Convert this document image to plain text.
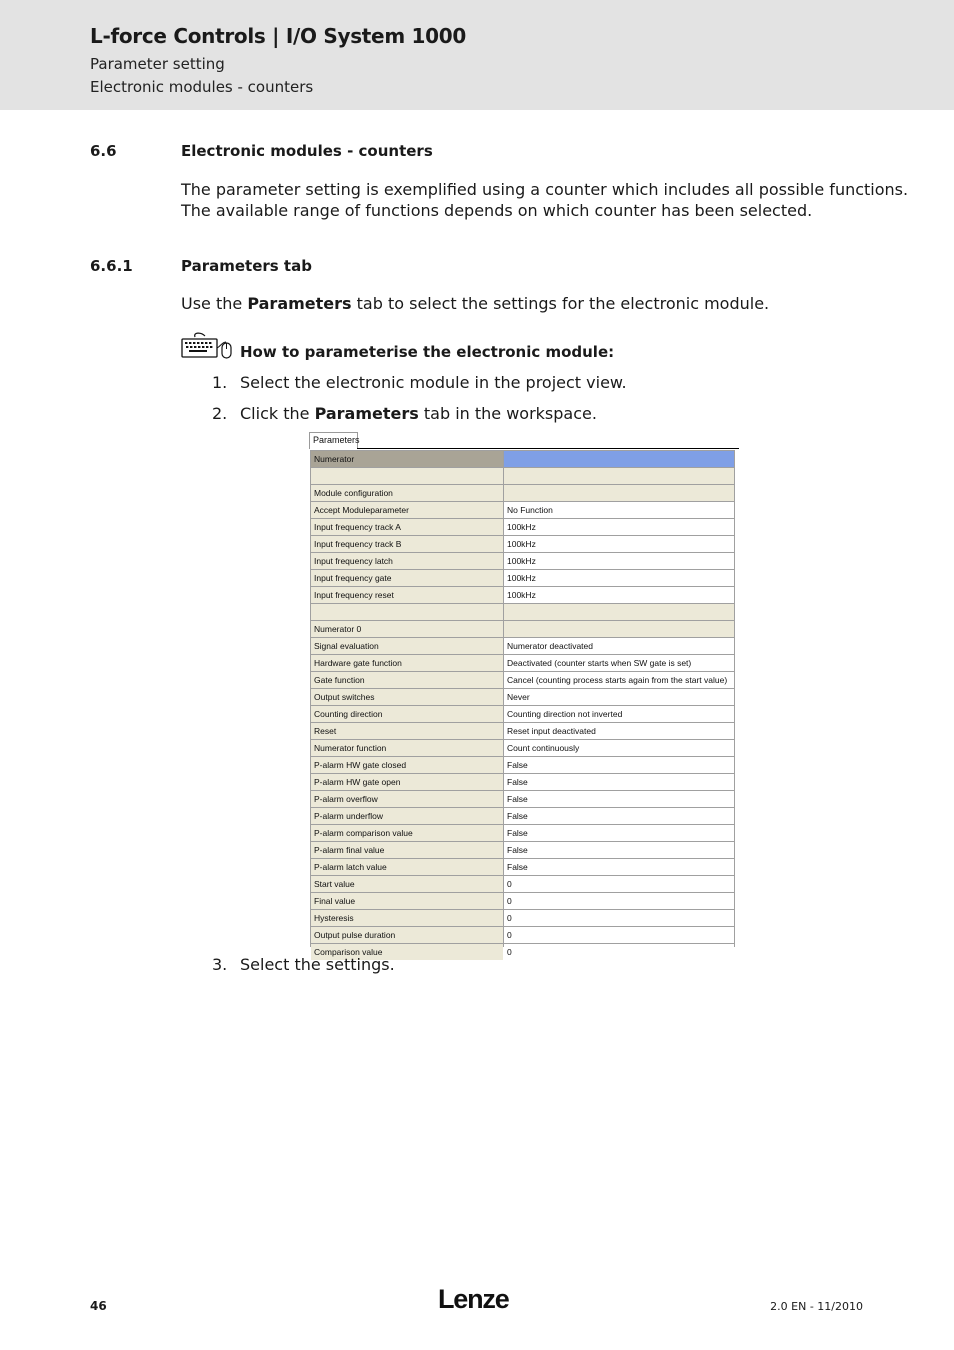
L-force Controls | I/O System 1000
Parameter setting
Electronic modules - counters
6.6	Electronic modules - counters
The parameter setting is exemplified using a counter which includes all possible functions.
The available range of functions depends on which counter has been selected.
6.6.1	Parameters tab
Use the Parameters tab to select the settings for the electronic module.
How to parameterise the electronic module:
1. Select the electronic module in the project view.
2. Click the Parameters tab in the workspace.
Parameters
Numerator
Module configuration
Accept Moduleparameter	No Function
Input frequency track A	100kHz
Input frequency track B	100kHz
Input frequency latch	100kHz
Input frequency gate	100kHz
Input frequency reset	100kHz
Numerator 0
Signal evaluation	Numerator deactivated
Hardware gate function	Deactivated (counter starts when SW gate is set)
Gate function	Cancel (counting process starts again from the start value)
Output switches	Never
Counting direction	Counting direction not inverted
Reset	Reset input deactivated
Numerator function	Count continuously
P-alarm HW gate closed	False
P-alarm HW gate open	False
P-alarm overflow	False
P-alarm underflow	False
P-alarm comparison value	False
P-alarm final value	False
P-alarm latch value	False
Start value	0
Final value	0
Hysteresis	0
Output pulse duration	0
Comparison value	0
3. Select the settings.
46	Lenze	2.0 EN - 11/2010
